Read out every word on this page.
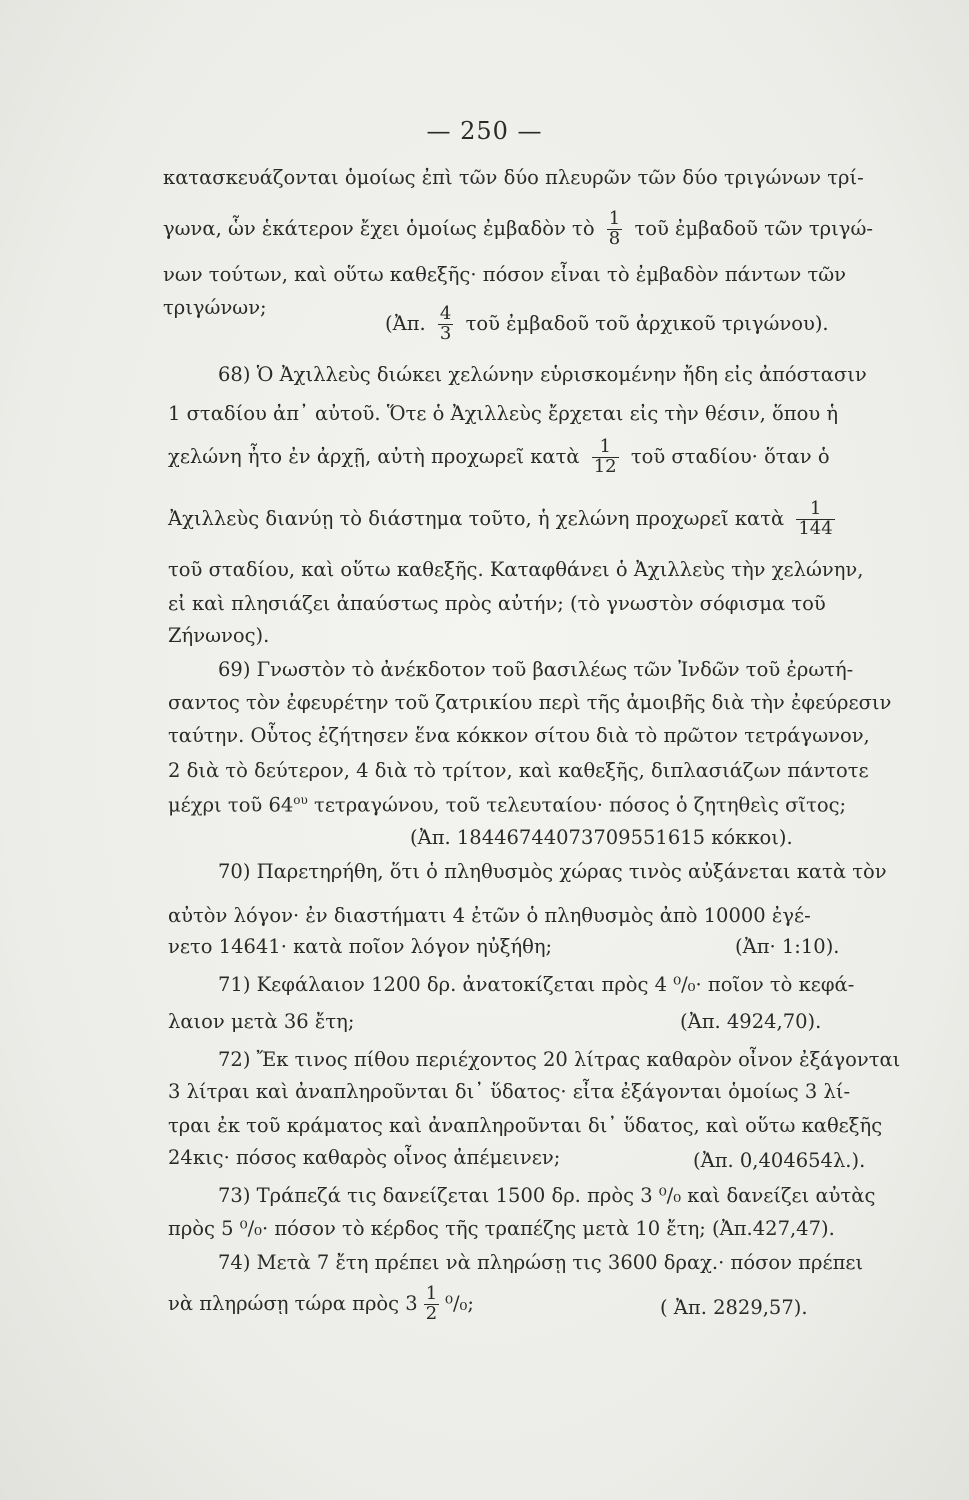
— 250 —
κατασκευάζονται ὁμοίως ἐπὶ τῶν δύο πλευρῶν τῶν δύο τριγώνων τρί-
γωνα, ὧν ἑκάτερον ἔχει ὁμοίως ἐμβαδὸν τὸ $\frac{1}{8}$ τοῦ ἐμβαδοῦ τῶν τριγώ-
νων τούτων, καὶ οὕτω καθεξῆς· πόσον εἶναι τὸ ἐμβαδὸν πάντων τῶν
τριγώνων;
(Ἀπ. $\frac{4}{3}$ τοῦ ἐμβαδοῦ τοῦ ἀρχικοῦ τριγώνου).
68) Ὁ Ἀχιλλεὺς διώκει χελώνην εὑρισκομένην ἤδη εἰς ἀπόστασιν
1 σταδίου ἀπ᾿ αὐτοῦ. Ὅτε ὁ Ἀχιλλεὺς ἔρχεται εἰς τὴν θέσιν, ὅπου ἡ
χελώνη ἦτο ἐν ἀρχῇ, αὐτὴ προχωρεῖ κατὰ $\frac{1}{12}$ τοῦ σταδίου· ὅταν ὁ
Ἀχιλλεὺς διανύῃ τὸ διάστημα τοῦτο, ἡ χελώνη προχωρεῖ κατὰ $\frac{1}{144}$
τοῦ σταδίου, καὶ οὕτω καθεξῆς. Καταφθάνει ὁ Ἀχιλλεὺς τὴν χελώνην,
εἰ καὶ πλησιάζει ἀπαύστως πρὸς αὐτήν; (τὸ γνωστὸν σόφισμα τοῦ
Ζήνωνος).
69) Γνωστὸν τὸ ἀνέκδοτον τοῦ βασιλέως τῶν Ἰνδῶν τοῦ ἐρωτή-
σαντος τὸν ἐφευρέτην τοῦ ζατρικίου περὶ τῆς ἀμοιβῆς διὰ τὴν ἐφεύρεσιν
ταύτην. Οὗτος ἐζήτησεν ἕνα κόκκον σίτου διὰ τὸ πρῶτον τετράγωνον,
2 διὰ τὸ δεύτερον, 4 διὰ τὸ τρίτον, καὶ καθεξῆς, διπλασιάζων πάντοτε
μέχρι τοῦ $64^{o\upsilon}$ τετραγώνου, τοῦ τελευταίου· πόσος ὁ ζητηθεὶς σῖτος;
(Ἀπ. 18446744073709551615 κόκκοι).
70) Παρετηρήθη, ὅτι ὁ πληθυσμὸς χώρας τινὸς αὐξάνεται κατὰ τὸν
αὐτὸν λόγον· ἐν διαστήματι 4 ἐτῶν ὁ πληθυσμὸς ἀπὸ 10000 ἐγέ-
νετο 14641· κατὰ ποῖον λόγον ηὐξήθη;	(Ἀπ· 1:10).
71) Κεφάλαιον 1200 δρ. ἀνατοκίζεται πρὸς 4 ⁰/₀· ποῖον τὸ κεφά-
λαιον μετὰ 36 ἔτη;	(Ἀπ. 4924,70).
72) Ἔκ τινος πίθου περιέχοντος 20 λίτρας καθαρὸν οἶνον ἐξάγονται
3 λίτραι καὶ ἀναπληροῦνται δι᾿ ὕδατος· εἶτα ἐξάγονται ὁμοίως 3 λί-
τραι ἐκ τοῦ κράματος καὶ ἀναπληροῦνται δι᾿ ὕδατος, καὶ οὕτω καθεξῆς
24κις· πόσος καθαρὸς οἶνος ἀπέμεινεν;	(Ἀπ. 0,404654λ.).
73) Τράπεζά τις δανείζεται 1500 δρ. πρὸς 3 ⁰/₀ καὶ δανείζει αὐτὰς
πρὸς 5 ⁰/₀· πόσον τὸ κέρδος τῆς τραπέζης μετὰ 10 ἔτη; (Ἀπ.427,47).
74) Μετὰ 7 ἔτη πρέπει νὰ πληρώσῃ τις 3600 δραχ.· πόσον πρέπει
νὰ πληρώσῃ τώρα πρὸς $3 \frac{1}{2} ^0/_0$;	( Ἀπ. 2829,57).
